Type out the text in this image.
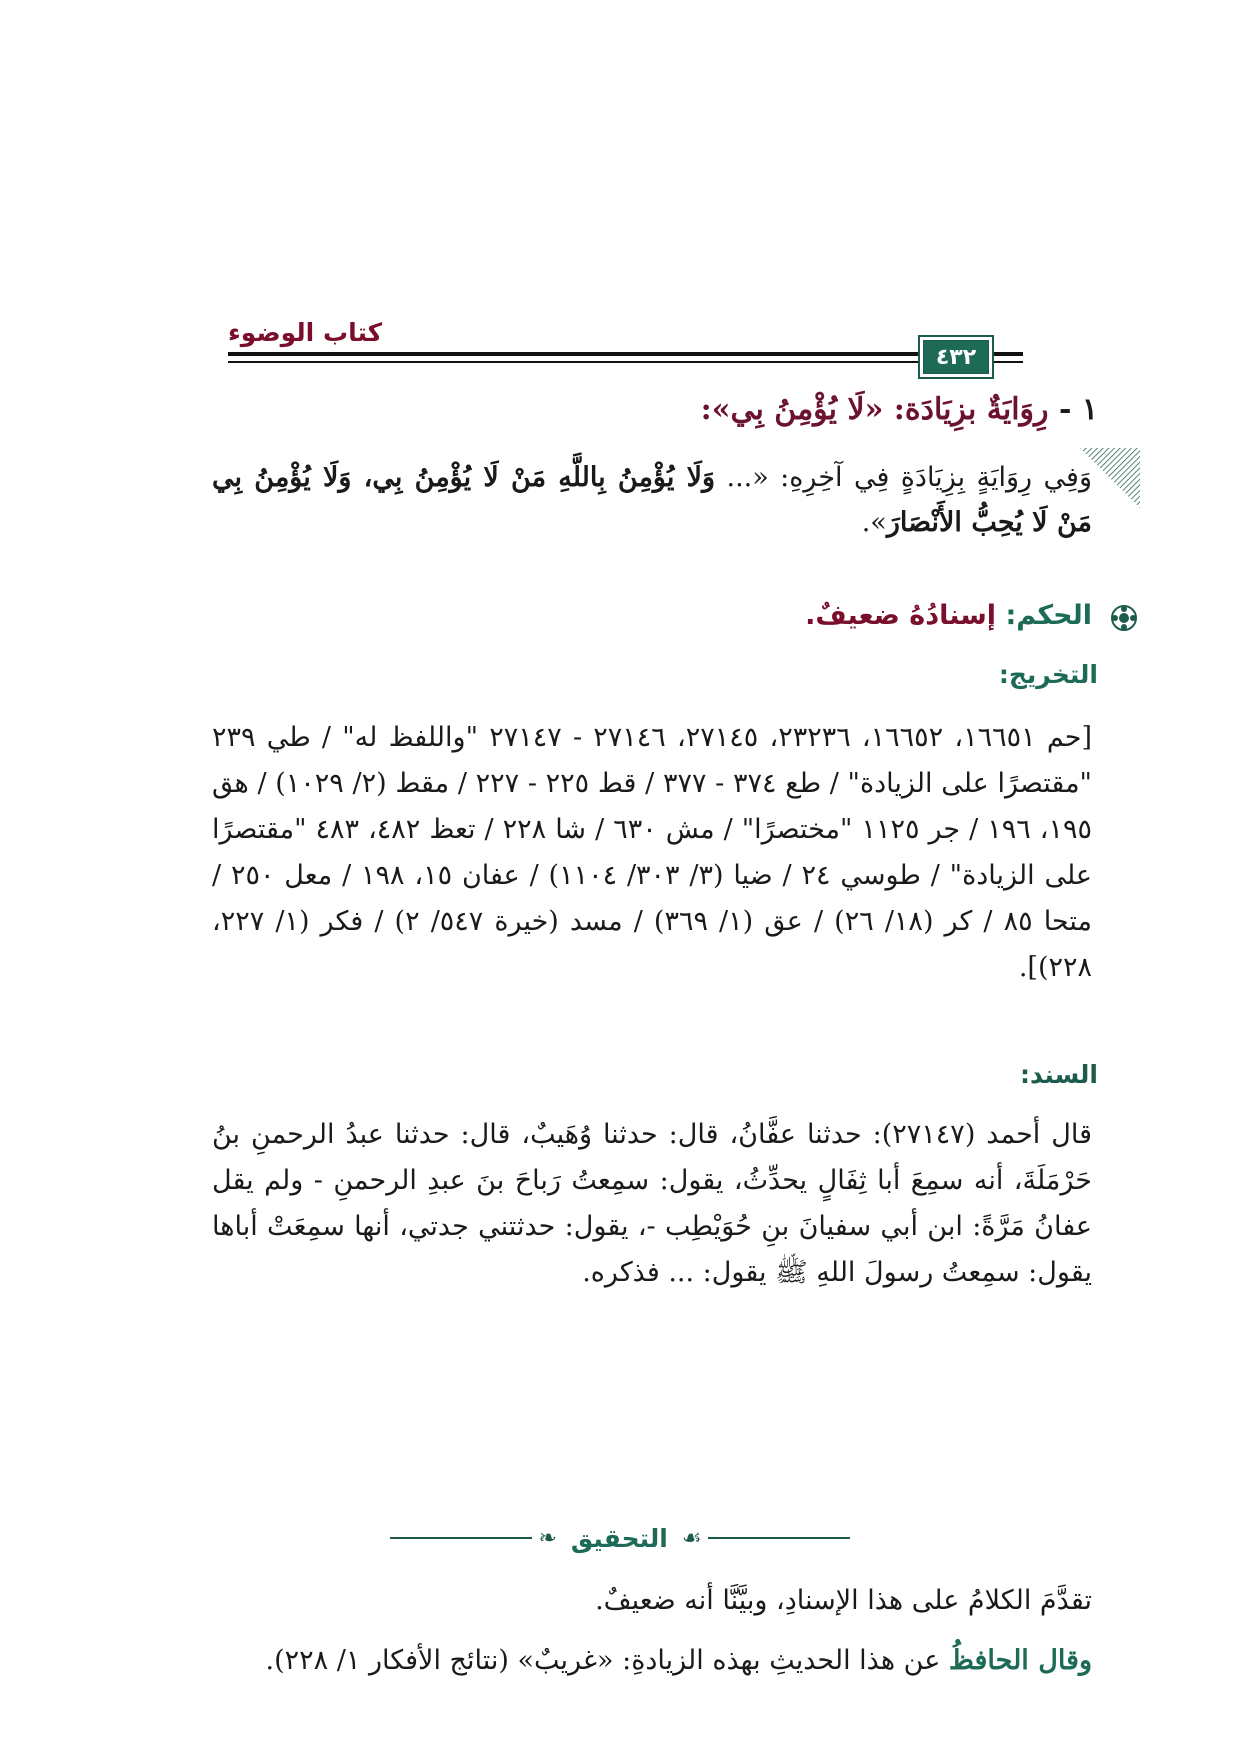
كتاب الوضوء
٤٣٢
١ - رِوَايَةٌ بزِيَادَة: «لَا يُؤْمِنُ بِي»:
وَفِي رِوَايَةٍ بِزِيَادَةٍ فِي آخِرِهِ: «... وَلَا يُؤْمِنُ بِاللَّهِ مَنْ لَا يُؤْمِنُ بِي، وَلَا يُؤْمِنُ بِي مَنْ لَا يُحِبُّ الأَنْصَارَ».
الحكم: إسنادُهُ ضعيفٌ.
التخريج:
[حم ١٦٦٥١، ١٦٦٥٢، ٢٣٢٣٦، ٢٧١٤٥، ٢٧١٤٦ - ٢٧١٤٧ "واللفظ له" / طي ٢٣٩ "مقتصرًا على الزيادة" / طع ٣٧٤ - ٣٧٧ / قط ٢٢٥ - ٢٢٧ / مقط (٢/ ١٠٢٩) / هق ١٩٥، ١٩٦ / جر ١١٢٥ "مختصرًا" / مش ٦٣٠ / شا ٢٢٨ / تعظ ٤٨٢، ٤٨٣ "مقتصرًا على الزيادة" / طوسي ٢٤ / ضيا (٣/ ٣٠٣/ ١١٠٤) / عفان ١٥، ١٩٨ / معل ٢٥٠ / متحا ٨٥ / كر (١٨/ ٢٦) / عق (١/ ٣٦٩) / مسد (خيرة ٥٤٧/ ٢) / فكر (١/ ٢٢٧، ٢٢٨)].
السند:
قال أحمد (٢٧١٤٧): حدثنا عفَّانُ، قال: حدثنا وُهَيبٌ، قال: حدثنا عبدُ الرحمنِ بنُ حَرْمَلَةَ، أنه سمِعَ أبا ثِفَالٍ يحدِّثُ، يقول: سمِعتُ رَباحَ بنَ عبدِ الرحمنِ - ولم يقل عفانُ مَرَّةً: ابن أبي سفيانَ بنِ حُوَيْطِب -، يقول: حدثتني جدتي، أنها سمِعَتْ أباها يقول: سمِعتُ رسولَ اللهِ ﷺ يقول: ... فذكره.
❧ التحقيق ☙
تقدَّمَ الكلامُ على هذا الإسنادِ، وبيَّنَّا أنه ضعيفٌ.
وقال الحافظُ عن هذا الحديثِ بهذه الزيادةِ: «غريبٌ» (نتائج الأفكار ١/ ٢٢٨).
